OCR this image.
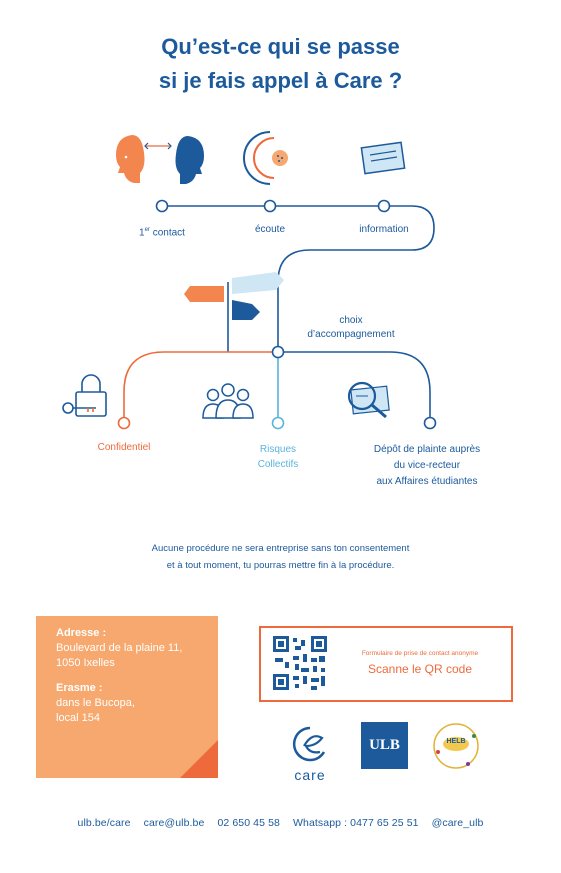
Qu’est-ce qui se passe
si je fais appel à Care ?
1er contact	écoute	information
choix
d’accompagnement
Confidentiel	Risques
Collectifs
Dépôt de plainte auprès
du vice-recteur
aux Affaires étudiantes
Aucune procédure ne sera entreprise sans ton consentement
et à tout moment, tu pourras mettre fin à la procédure.
Adresse :
Boulevard de la plaine 11,
1050 Ixelles
Erasme :
dans le Bucopa,
local 154
Formulaire de prise de contact anonyme
Scanne le QR code
care
ULB	HELB
ulb.be/care care@ulb.be 02 650 45 58 Whatsapp : 0477 65 25 51 @care_ulb
